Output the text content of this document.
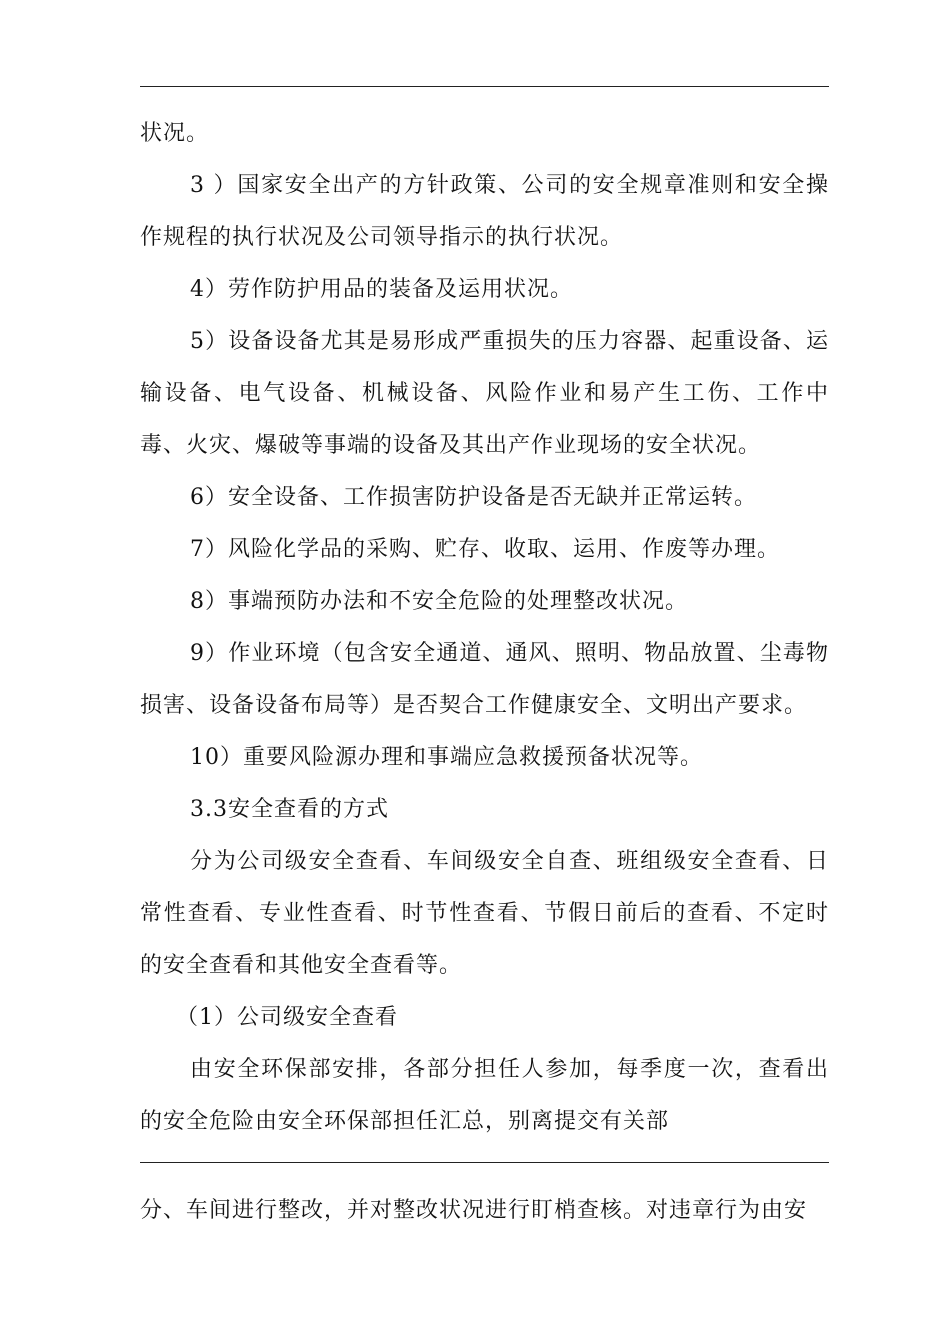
状况。

3 ）国家安全出产的方针政策、公司的安全规章准则和安全操作规程的执行状况及公司领导指示的执行状况。

4）劳作防护用品的装备及运用状况。

5）设备设备尤其是易形成严重损失的压力容器、起重设备、运输设备、电气设备、机械设备、风险作业和易产生工伤、工作中毒、火灾、爆破等事端的设备及其出产作业现场的安全状况。

6）安全设备、工作损害防护设备是否无缺并正常运转。

7）风险化学品的采购、贮存、收取、运用、作废等办理。

8）事端预防办法和不安全危险的处理整改状况。

9）作业环境（包含安全通道、通风、照明、物品放置、尘毒物损害、设备设备布局等）是否契合工作健康安全、文明出产要求。

10）重要风险源办理和事端应急救援预备状况等。

3.3安全查看的方式

分为公司级安全查看、车间级安全自查、班组级安全查看、日常性查看、专业性查看、时节性查看、节假日前后的查看、不定时的安全查看和其他安全查看等。

（1）公司级安全查看

由安全环保部安排，各部分担任人参加，每季度一次，查看出的安全危险由安全环保部担任汇总，别离提交有关部

分、车间进行整改，并对整改状况进行盯梢查核。对违章行为由安
